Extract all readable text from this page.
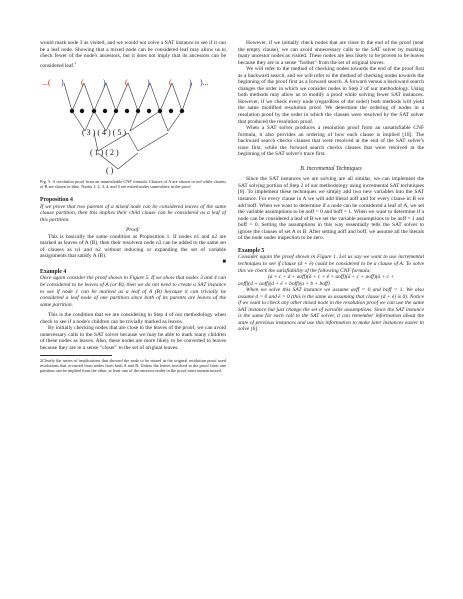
would mark node 3 as visited, and we would not solve a SAT instance to see if it can be a leaf node. Showing that a mixed node can be considered leaf may allow us to check fewer of the node's ancestors, but it does not imply that its ancestors can be considered leaf.$^2$

...( ) ( ) ( ) ( ) )...
( 3 ) ( 4 ) ( 5 )
( 1 ) ( 2 )
( )

Fig. 5. A resolution proof from an unsatisfiable CNF formula. Clauses of A are shown in red while clauses of B are shown in blue. Nodes 1, 2, 3, 4, and 5 are mixed nodes somewhere in the proof

Proposition 4

If we prove that two parents of a mixed node can be considered leaves of the same clause partition, then this implies their child clause can be considered as a leaf of this partition.

Proof:

This is basically the same condition as Proposition 1. If nodes n1 and n2 are marked as leaves of A (B), then their resolvent node n3 can be added to the same set of clauses as n1 and n2 without reducing or expanding the set of variable assignments that satisfy A (B).

■

Example 4

Once again consider the proof shown in Figure 5. If we show that nodes 3 and 4 can be considered to be leaves of A (or B), then we do not need to create a SAT instance to see if node 1 can be marked as a leaf of A (B) because it can trivially be considered a leaf node of one partition since both of its parents are leaves of the same partition.

This is the condition that we are considering in Step 4 of our methodology when check to see if a node's children can be trivially marked as leaves.

By initially checking nodes that are close to the leaves of the proof, we can avoid unnecessary calls to the SAT solver because we may be able to mark many children of these nodes as leaves. Also, these nodes are more likely to be converted to leaves because they are in a sense "closer" to the set of original leaves.

2Clearly the series of implications that showed the node to be mixed in the original resolution proof used resolutions that occurred from nodes from both A and B. Unless the leaves involved in the proof from one partition can be implied from the other, at least one of the ancestor nodes in the proof must remain mixed.

However, if we initially check nodes that are close to the end of the proof (near the empty clause), we can avoid unnecessary calls to the SAT solver by marking many ancestor nodes as visited. These nodes are less likely to be proven to be leaves because they are in a sense "further" from the set of original leaves.

We will refer to the method of checking nodes towards the end of the proof first as a backward search, and we will refer to the method of checking nodes towards the beginning of the proof first as a forward search. A forward versus a backward search changes the order in which we consider nodes in Step 2 of our methodology. Using both methods may allow us to modify a proof while solving fewer SAT instances. However, if we check every node (regardless of the order) both methods will yield the same modified resolution proof. We determine the ordering of nodes in a resolution proof by the order in which the clauses were resolved by the SAT solver that produced the resolution proof.

When a SAT solver produces a resolution proof from an unsatisfiable CNF formula, it also provides an ordering of how each clause is implied [18]. The backward search checks clauses that were resolved at the end of the SAT solver's trace first, while the forward search checks clauses that were resolved at the beginning of the SAT solver's trace first.

B. Incremental Techniques

Since the SAT instances we are solving are all similar, we can implement the SAT solving portion of Step 2 of our methodology using incremental SAT techniques [6]. To implement these techniques we simply add two new variables into the SAT instance. For every clause in A we will add literal aoff and for every clause in B we add boff. When we want to determine if a node can be considered a leaf of A, we set the variable assumptions to be aoff = 0 and boff = 1. When we want to determine if a node can be considered a leaf of B we set the variable assumptions to be aoff = 1 and boff = 0. Setting the assumptions in this way essentially tells the SAT solver to ignore the clauses of set A or B. After setting aoff and boff, we assume all the literals of the node under inspection to be zero.

Example 5

Consider again the proof shown in Figure 1. Let us say we want to use incremental techniques to see if clause (d + ē) could be considered to be a clause of A. To solve this we check the satisfiability of the following CNF formula:

(a + c + d + aoff)(ā + c + ē + aoff)(ā + c + aoff)(ā + c +

aoff)(d + aoff)(d + ē + boff)(a + b + boff)

When we solve this SAT instance we assume aoff = 0 and boff = 1. We also assume d = 0 and ē = 0 (this is the same as assuming that clause (d + ē) is 0). Notice if we want to check any other mixed node in the resolution proof we can use the same SAT instance but just change the set of variable assumptions. Since the SAT instance is the same for each call to the SAT solver, it can remember information about the state of previous instances and use this information to make later instances easier to solve [6].
